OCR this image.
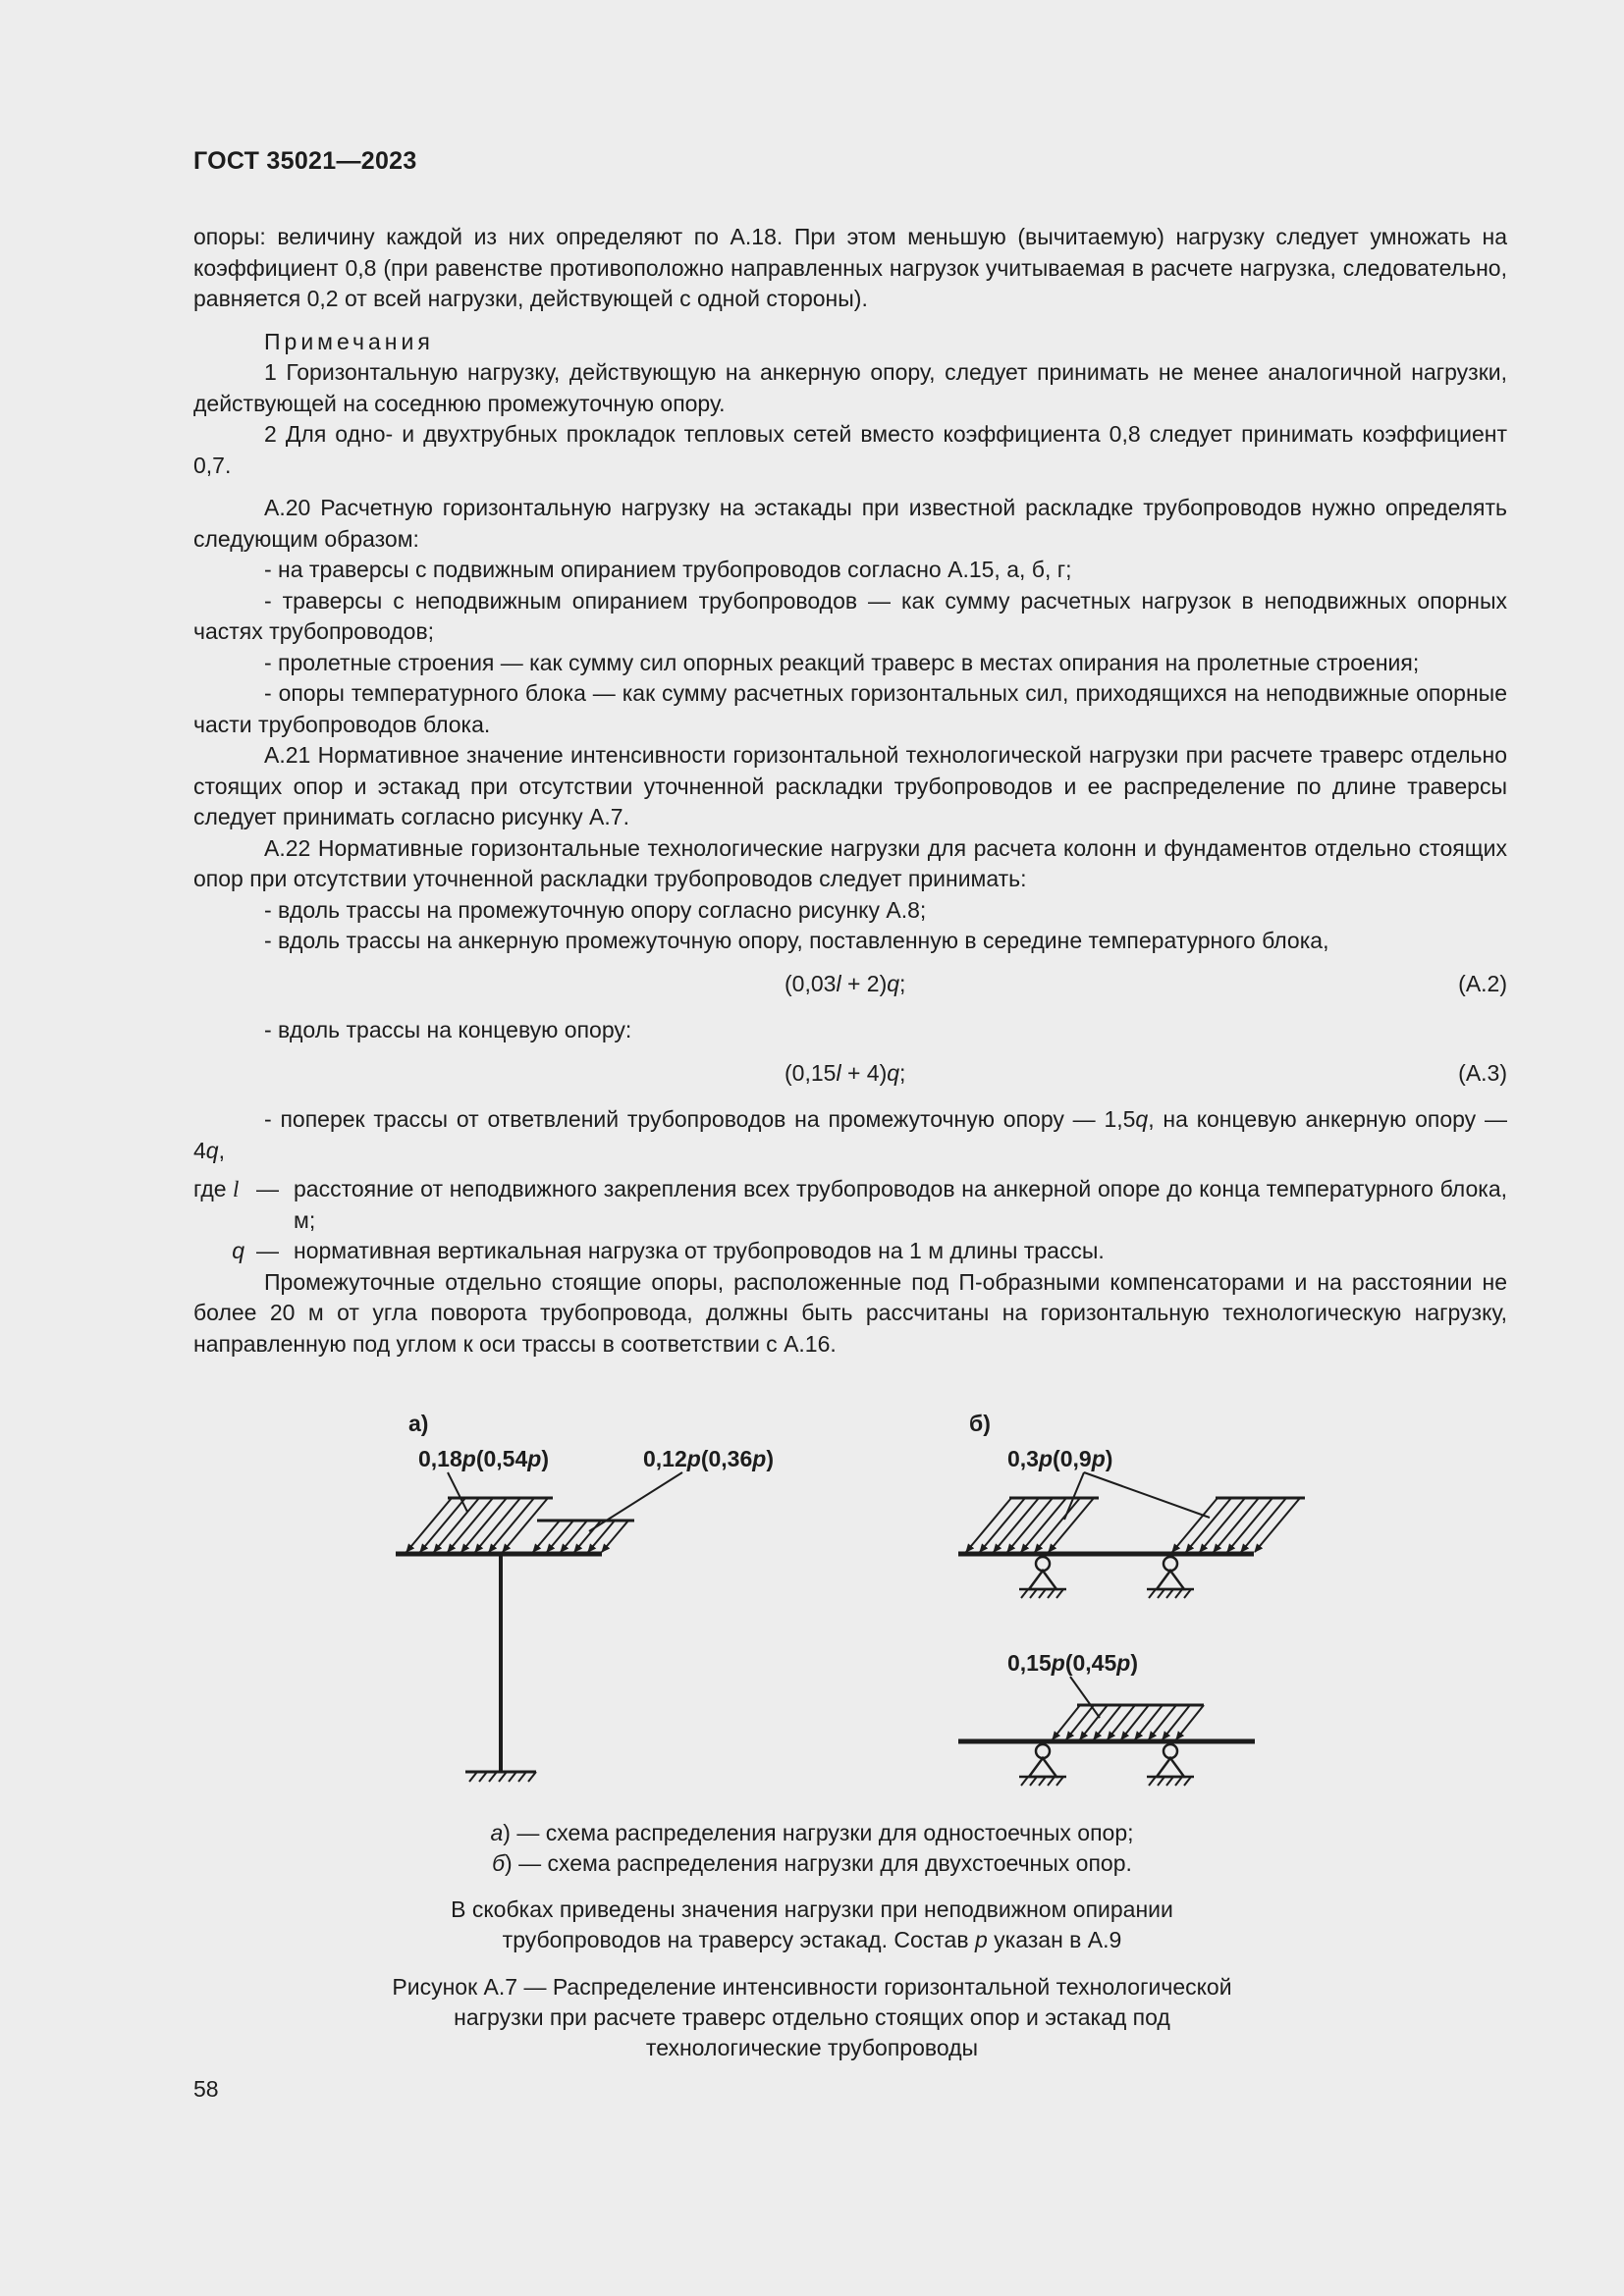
ГОСТ 35021—2023

опоры: величину каждой из них определяют по А.18. При этом меньшую (вычитаемую) нагрузку следует умножать на коэффициент 0,8 (при равенстве противоположно направленных нагрузок учитываемая в расчете нагрузка, следовательно, равняется 0,2 от всей нагрузки, действующей с одной стороны).

Примечания

1 Горизонтальную нагрузку, действующую на анкерную опору, следует принимать не менее аналогичной нагрузки, действующей на соседнюю промежуточную опору.

2 Для одно- и двухтрубных прокладок тепловых сетей вместо коэффициента 0,8 следует принимать коэффициент 0,7.

А.20 Расчетную горизонтальную нагрузку на эстакады при известной раскладке трубопроводов нужно определять следующим образом:

- на траверсы с подвижным опиранием трубопроводов согласно А.15, а, б, г;

- траверсы с неподвижным опиранием трубопроводов — как сумму расчетных нагрузок в неподвижных опорных частях трубопроводов;

- пролетные строения — как сумму сил опорных реакций траверс в местах опирания на пролетные строения;

- опоры температурного блока — как сумму расчетных горизонтальных сил, приходящихся на неподвижные опорные части трубопроводов блока.

А.21 Нормативное значение интенсивности горизонтальной технологической нагрузки при расчете траверс отдельно стоящих опор и эстакад при отсутствии уточненной раскладки трубопроводов и ее распределение по длине траверсы следует принимать согласно рисунку А.7.

А.22 Нормативные горизонтальные технологические нагрузки для расчета колонн и фундаментов отдельно стоящих опор при отсутствии уточненной раскладки трубопроводов следует принимать:

- вдоль трассы на промежуточную опору согласно рисунку А.8;

- вдоль трассы на анкерную промежуточную опору, поставленную в середине температурного блока,

(0,03l + 2)q;	(А.2)

- вдоль трассы на концевую опору:

(0,15l + 4)q;	(А.3)

- поперек трассы от ответвлений трубопроводов на промежуточную опору — 1,5q, на концевую анкерную опору — 4q,

где l — расстояние от неподвижного закрепления всех трубопроводов на анкерной опоре до конца температурного блока, м;
q — нормативная вертикальная нагрузка от трубопроводов на 1 м длины трассы.

Промежуточные отдельно стоящие опоры, расположенные под П-образными компенсаторами и на расстоянии не более 20 м от угла поворота трубопровода, должны быть рассчитаны на горизонтальную технологическую нагрузку, направленную под углом к оси трассы в соответствии с А.16.

а)	б)
0,18p(0,54p)	0,12p(0,36p)	0,3p(0,9p)
0,15p(0,45p)
а) — схема распределения нагрузки для одностоечных опор;
б) — схема распределения нагрузки для двухстоечных опор.
В скобках приведены значения нагрузки при неподвижном опирании
трубопроводов на траверсу эстакад. Состав p указан в А.9
Рисунок А.7 — Распределение интенсивности горизонтальной технологической
нагрузки при расчете траверс отдельно стоящих опор и эстакад под
технологические трубопроводы
58
